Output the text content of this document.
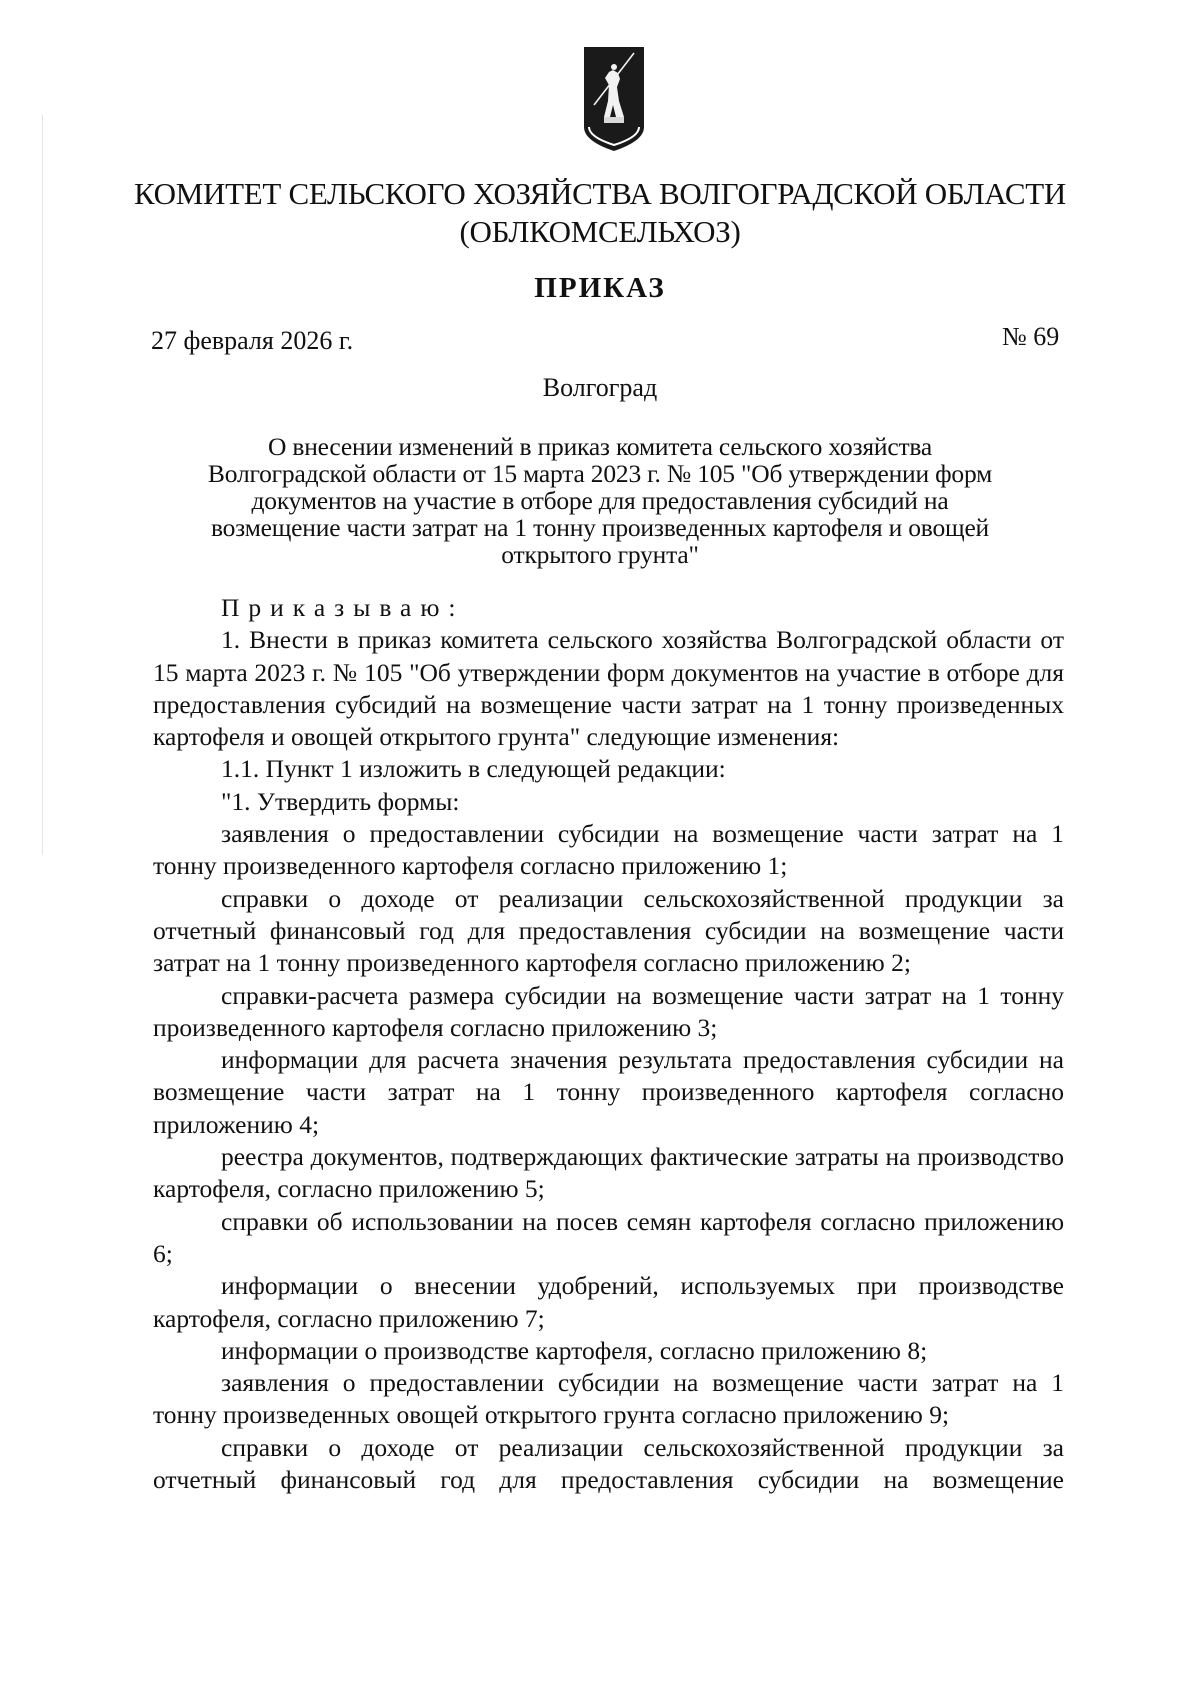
КОМИТЕТ СЕЛЬСКОГО ХОЗЯЙСТВА ВОЛГОГРАДСКОЙ ОБЛАСТИ
(ОБЛКОМСЕЛЬХОЗ)
ПРИКАЗ
27 февраля 2026 г.	№ 69
Волгоград
О внесении изменений в приказ комитета сельского хозяйства
Волгоградской области от 15 марта 2023 г. № 105 "Об утверждении форм
документов на участие в отборе для предоставления субсидий на
возмещение части затрат на 1 тонну произведенных картофеля и овощей
открытого грунта"

Приказываю:

1. Внести в приказ комитета сельского хозяйства Волгоградской области от 15 марта 2023 г. № 105 "Об утверждении форм документов на участие в отборе для предоставления субсидий на возмещение части затрат на 1 тонну произведенных картофеля и овощей открытого грунта" следующие изменения:

1.1. Пункт 1 изложить в следующей редакции:

"1. Утвердить формы:

заявления о предоставлении субсидии на возмещение части затрат на 1 тонну произведенного картофеля согласно приложению 1;

справки о доходе от реализации сельскохозяйственной продукции за отчетный финансовый год для предоставления субсидии на возмещение части затрат на 1 тонну произведенного картофеля согласно приложению 2;

справки-расчета размера субсидии на возмещение части затрат на 1 тонну произведенного картофеля согласно приложению 3;

информации для расчета значения результата предоставления субсидии на возмещение части затрат на 1 тонну произведенного картофеля согласно приложению 4;

реестра документов, подтверждающих фактические затраты на производство картофеля, согласно приложению 5;

справки об использовании на посев семян картофеля согласно приложению 6;

информации о внесении удобрений, используемых при производстве картофеля, согласно приложению 7;

информации о производстве картофеля, согласно приложению 8;

заявления о предоставлении субсидии на возмещение части затрат на 1 тонну произведенных овощей открытого грунта согласно приложению 9;

справки о доходе от реализации сельскохозяйственной продукции за отчетный финансовый год для предоставления субсидии на возмещение
